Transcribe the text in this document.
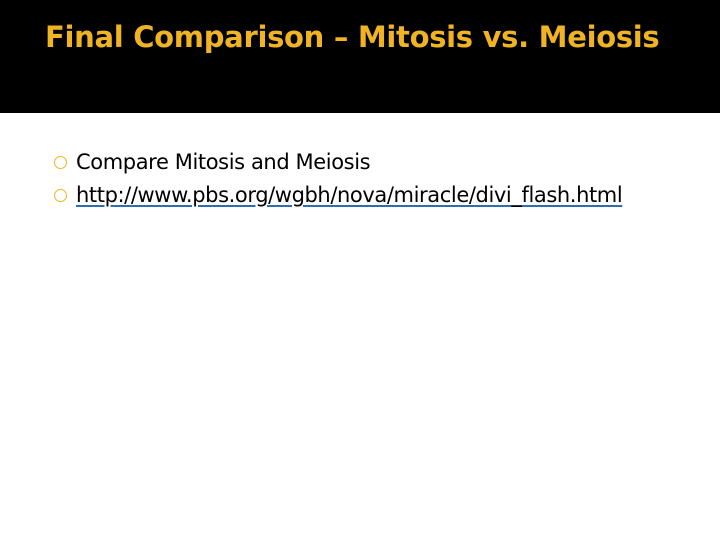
Final Comparison – Mitosis vs. Meiosis
Compare Mitosis and Meiosis
http://www.pbs.org/wgbh/nova/miracle/divi_flash.html
